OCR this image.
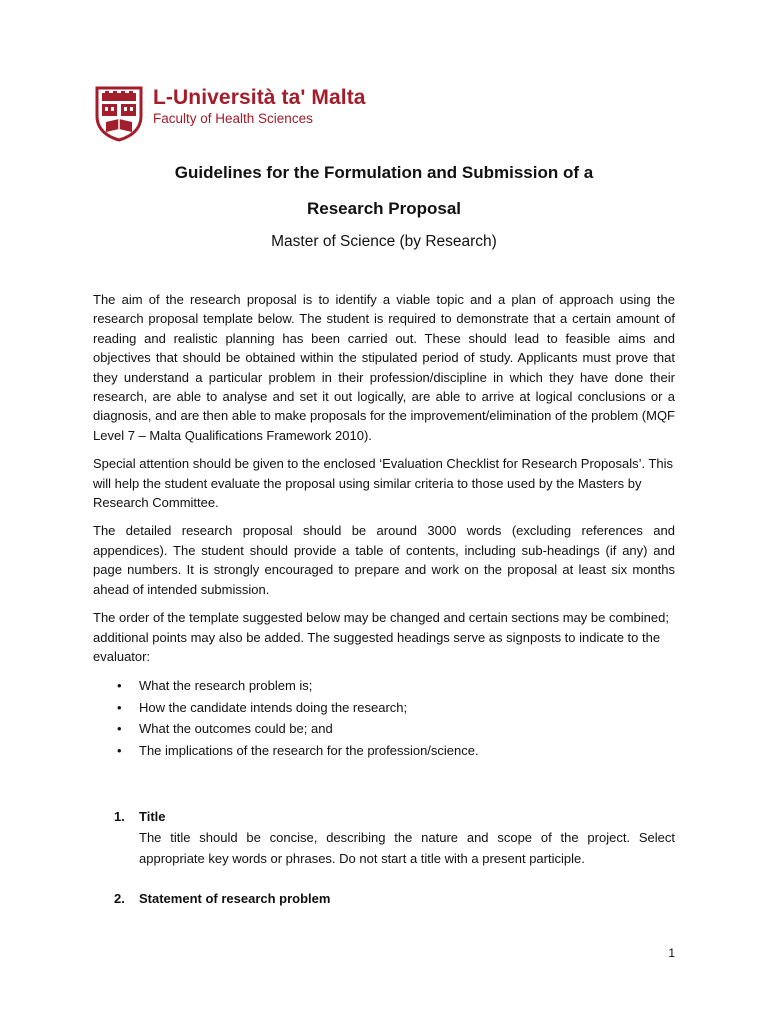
L-Università ta' Malta
Faculty of Health Sciences
Guidelines for the Formulation and Submission of a
Research Proposal
Master of Science (by Research)

The aim of the research proposal is to identify a viable topic and a plan of approach using the research proposal template below. The student is required to demonstrate that a certain amount of reading and realistic planning has been carried out. These should lead to feasible aims and objectives that should be obtained within the stipulated period of study. Applicants must prove that they understand a particular problem in their profession/discipline in which they have done their research, are able to analyse and set it out logically, are able to arrive at logical conclusions or a diagnosis, and are then able to make proposals for the improvement/elimination of the problem (MQF Level 7 – Malta Qualifications Framework 2010).

Special attention should be given to the enclosed ‘Evaluation Checklist for Research Proposals’. This will help the student evaluate the proposal using similar criteria to those used by the Masters by Research Committee.

The detailed research proposal should be around 3000 words (excluding references and appendices). The student should provide a table of contents, including sub-headings (if any) and page numbers. It is strongly encouraged to prepare and work on the proposal at least six months ahead of intended submission.

The order of the template suggested below may be changed and certain sections may be combined; additional points may also be added. The suggested headings serve as signposts to indicate to the evaluator:

• What the research problem is;
• How the candidate intends doing the research;
• What the outcomes could be; and
• The implications of the research for the profession/science.
1. Title
The title should be concise, describing the nature and scope of the project. Select appropriate key words or phrases. Do not start a title with a present participle.
2. Statement of research problem
1
